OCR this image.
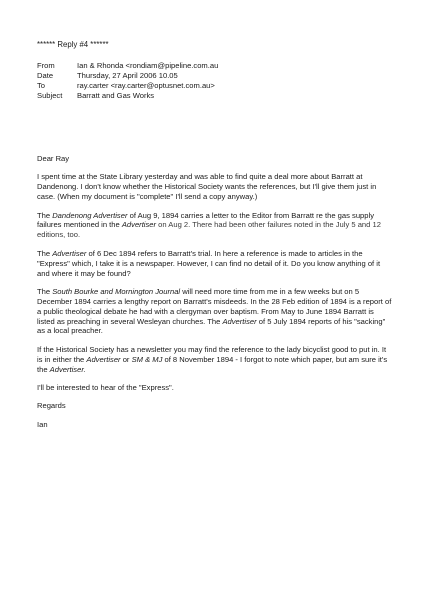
****** Reply #4 ******
From	Ian & Rhonda <rondiam@pipeline.com.au
Date	Thursday, 27 April 2006 10.05
To	ray.carter <ray.carter@optusnet.com.au>
Subject	Barratt and Gas Works

Dear Ray

I spent time at the State Library yesterday and was able to find quite a deal more about Barratt at Dandenong. I don't know whether the Historical Society wants the references, but I'll give them just in case. (When my document is "complete" I'll send a copy anyway.)

The Dandenong Advertiser of Aug 9, 1894 carries a letter to the Editor from Barratt re the gas supply failures mentioned in the Advertiser on Aug 2. There had been other failures noted in the July 5 and 12 editions, too.

The Advertiser of 6 Dec 1894 refers to Barratt's trial. In here a reference is made to articles in the "Express" which, I take it is a newspaper. However, I can find no detail of it. Do you know anything of it and where it may be found?

The South Bourke and Mornington Journal will need more time from me in a few weeks but on 5 December 1894 carries a lengthy report on Barratt's misdeeds. In the 28 Feb edition of 1894 is a report of a public theological debate he had with a clergyman over baptism. From May to June 1894 Barratt is listed as preaching in several Wesleyan churches. The Advertiser of 5 July 1894 reports of his "sacking" as a local preacher.

If the Historical Society has a newsletter you may find the reference to the lady bicyclist good to put in. It is in either the Advertiser or SM & MJ of 8 November 1894 - I forgot to note which paper, but am sure it's the Advertiser.

I'll be interested to hear of the "Express".

Regards

Ian
